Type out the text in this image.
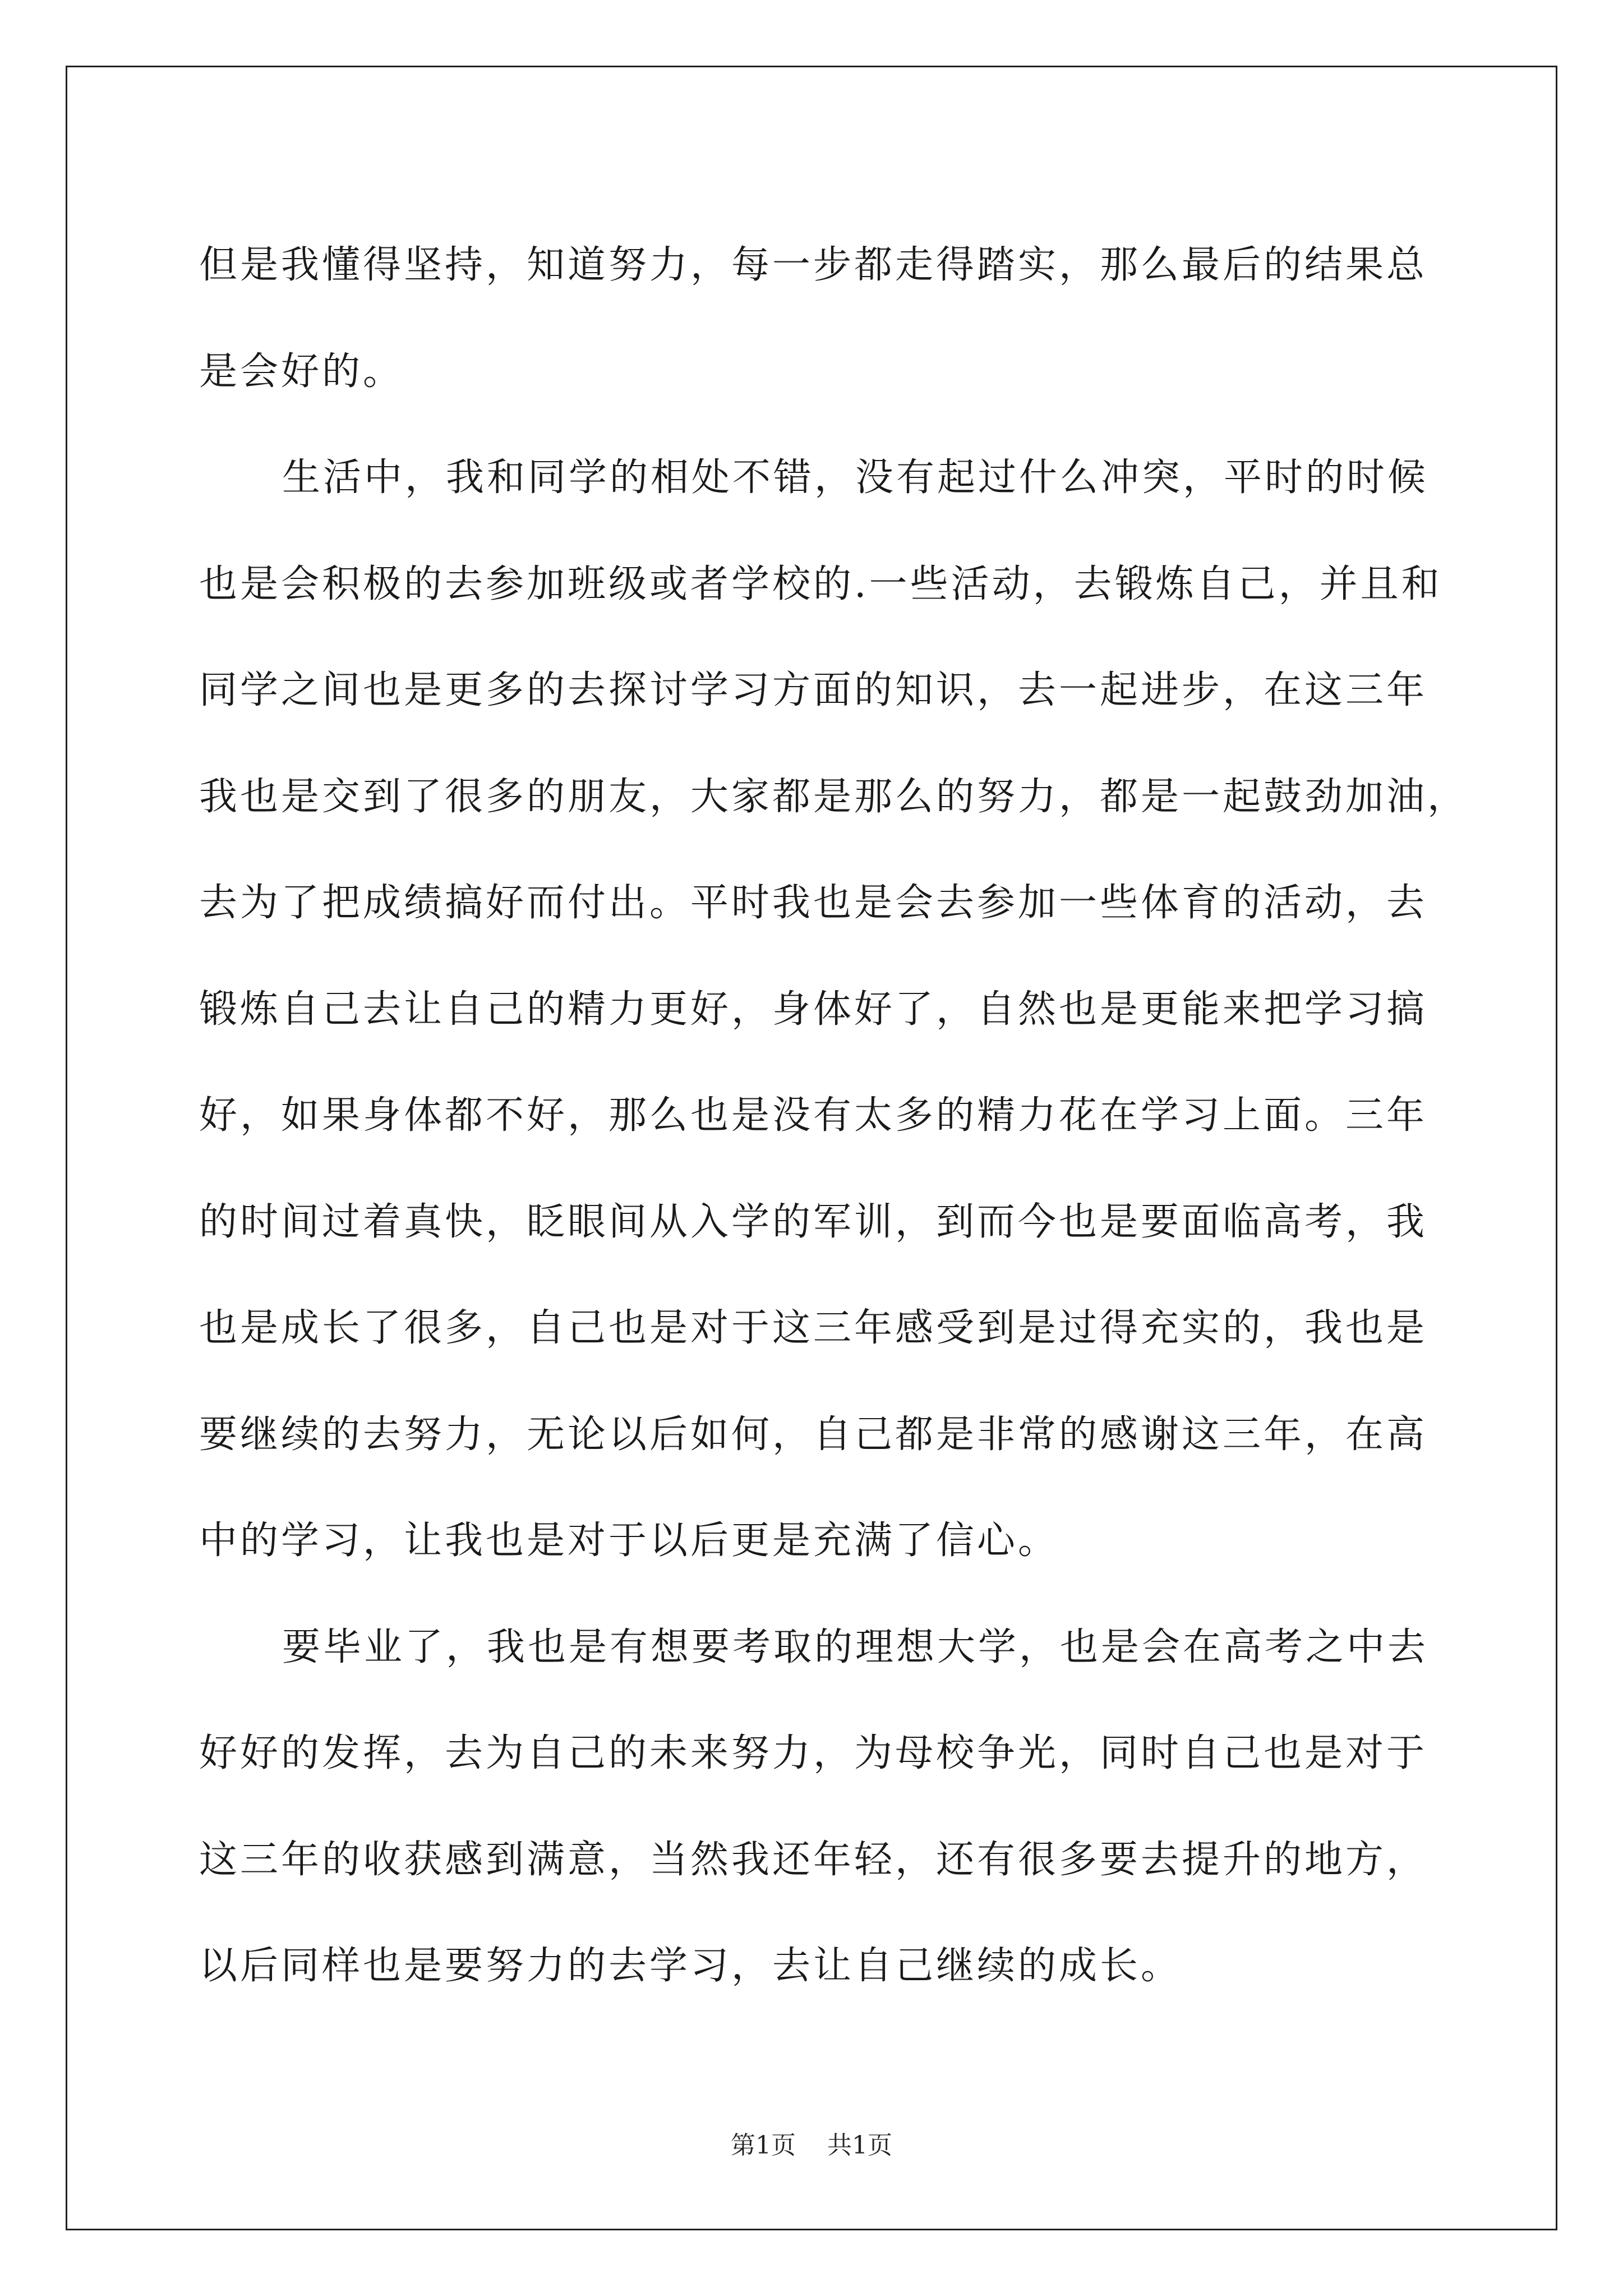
但是我懂得坚持，知道努力，每一步都走得踏实，那么最后的结果总
是会好的。
生活中，我和同学的相处不错，没有起过什么冲突，平时的时候
也是会积极的去参加班级或者学校的.一些活动，去锻炼自己，并且和
同学之间也是更多的去探讨学习方面的知识，去一起进步，在这三年
我也是交到了很多的朋友，大家都是那么的努力，都是一起鼓劲加油，
去为了把成绩搞好而付出。平时我也是会去参加一些体育的活动，去
锻炼自己去让自己的精力更好，身体好了，自然也是更能来把学习搞
好，如果身体都不好，那么也是没有太多的精力花在学习上面。三年
的时间过着真快，眨眼间从入学的军训，到而今也是要面临高考，我
也是成长了很多，自己也是对于这三年感受到是过得充实的，我也是
要继续的去努力，无论以后如何，自己都是非常的感谢这三年，在高
中的学习，让我也是对于以后更是充满了信心。
要毕业了，我也是有想要考取的理想大学，也是会在高考之中去
好好的发挥，去为自己的未来努力，为母校争光，同时自己也是对于
这三年的收获感到满意，当然我还年轻，还有很多要去提升的地方，
以后同样也是要努力的去学习，去让自己继续的成长。
第1页 共1页
